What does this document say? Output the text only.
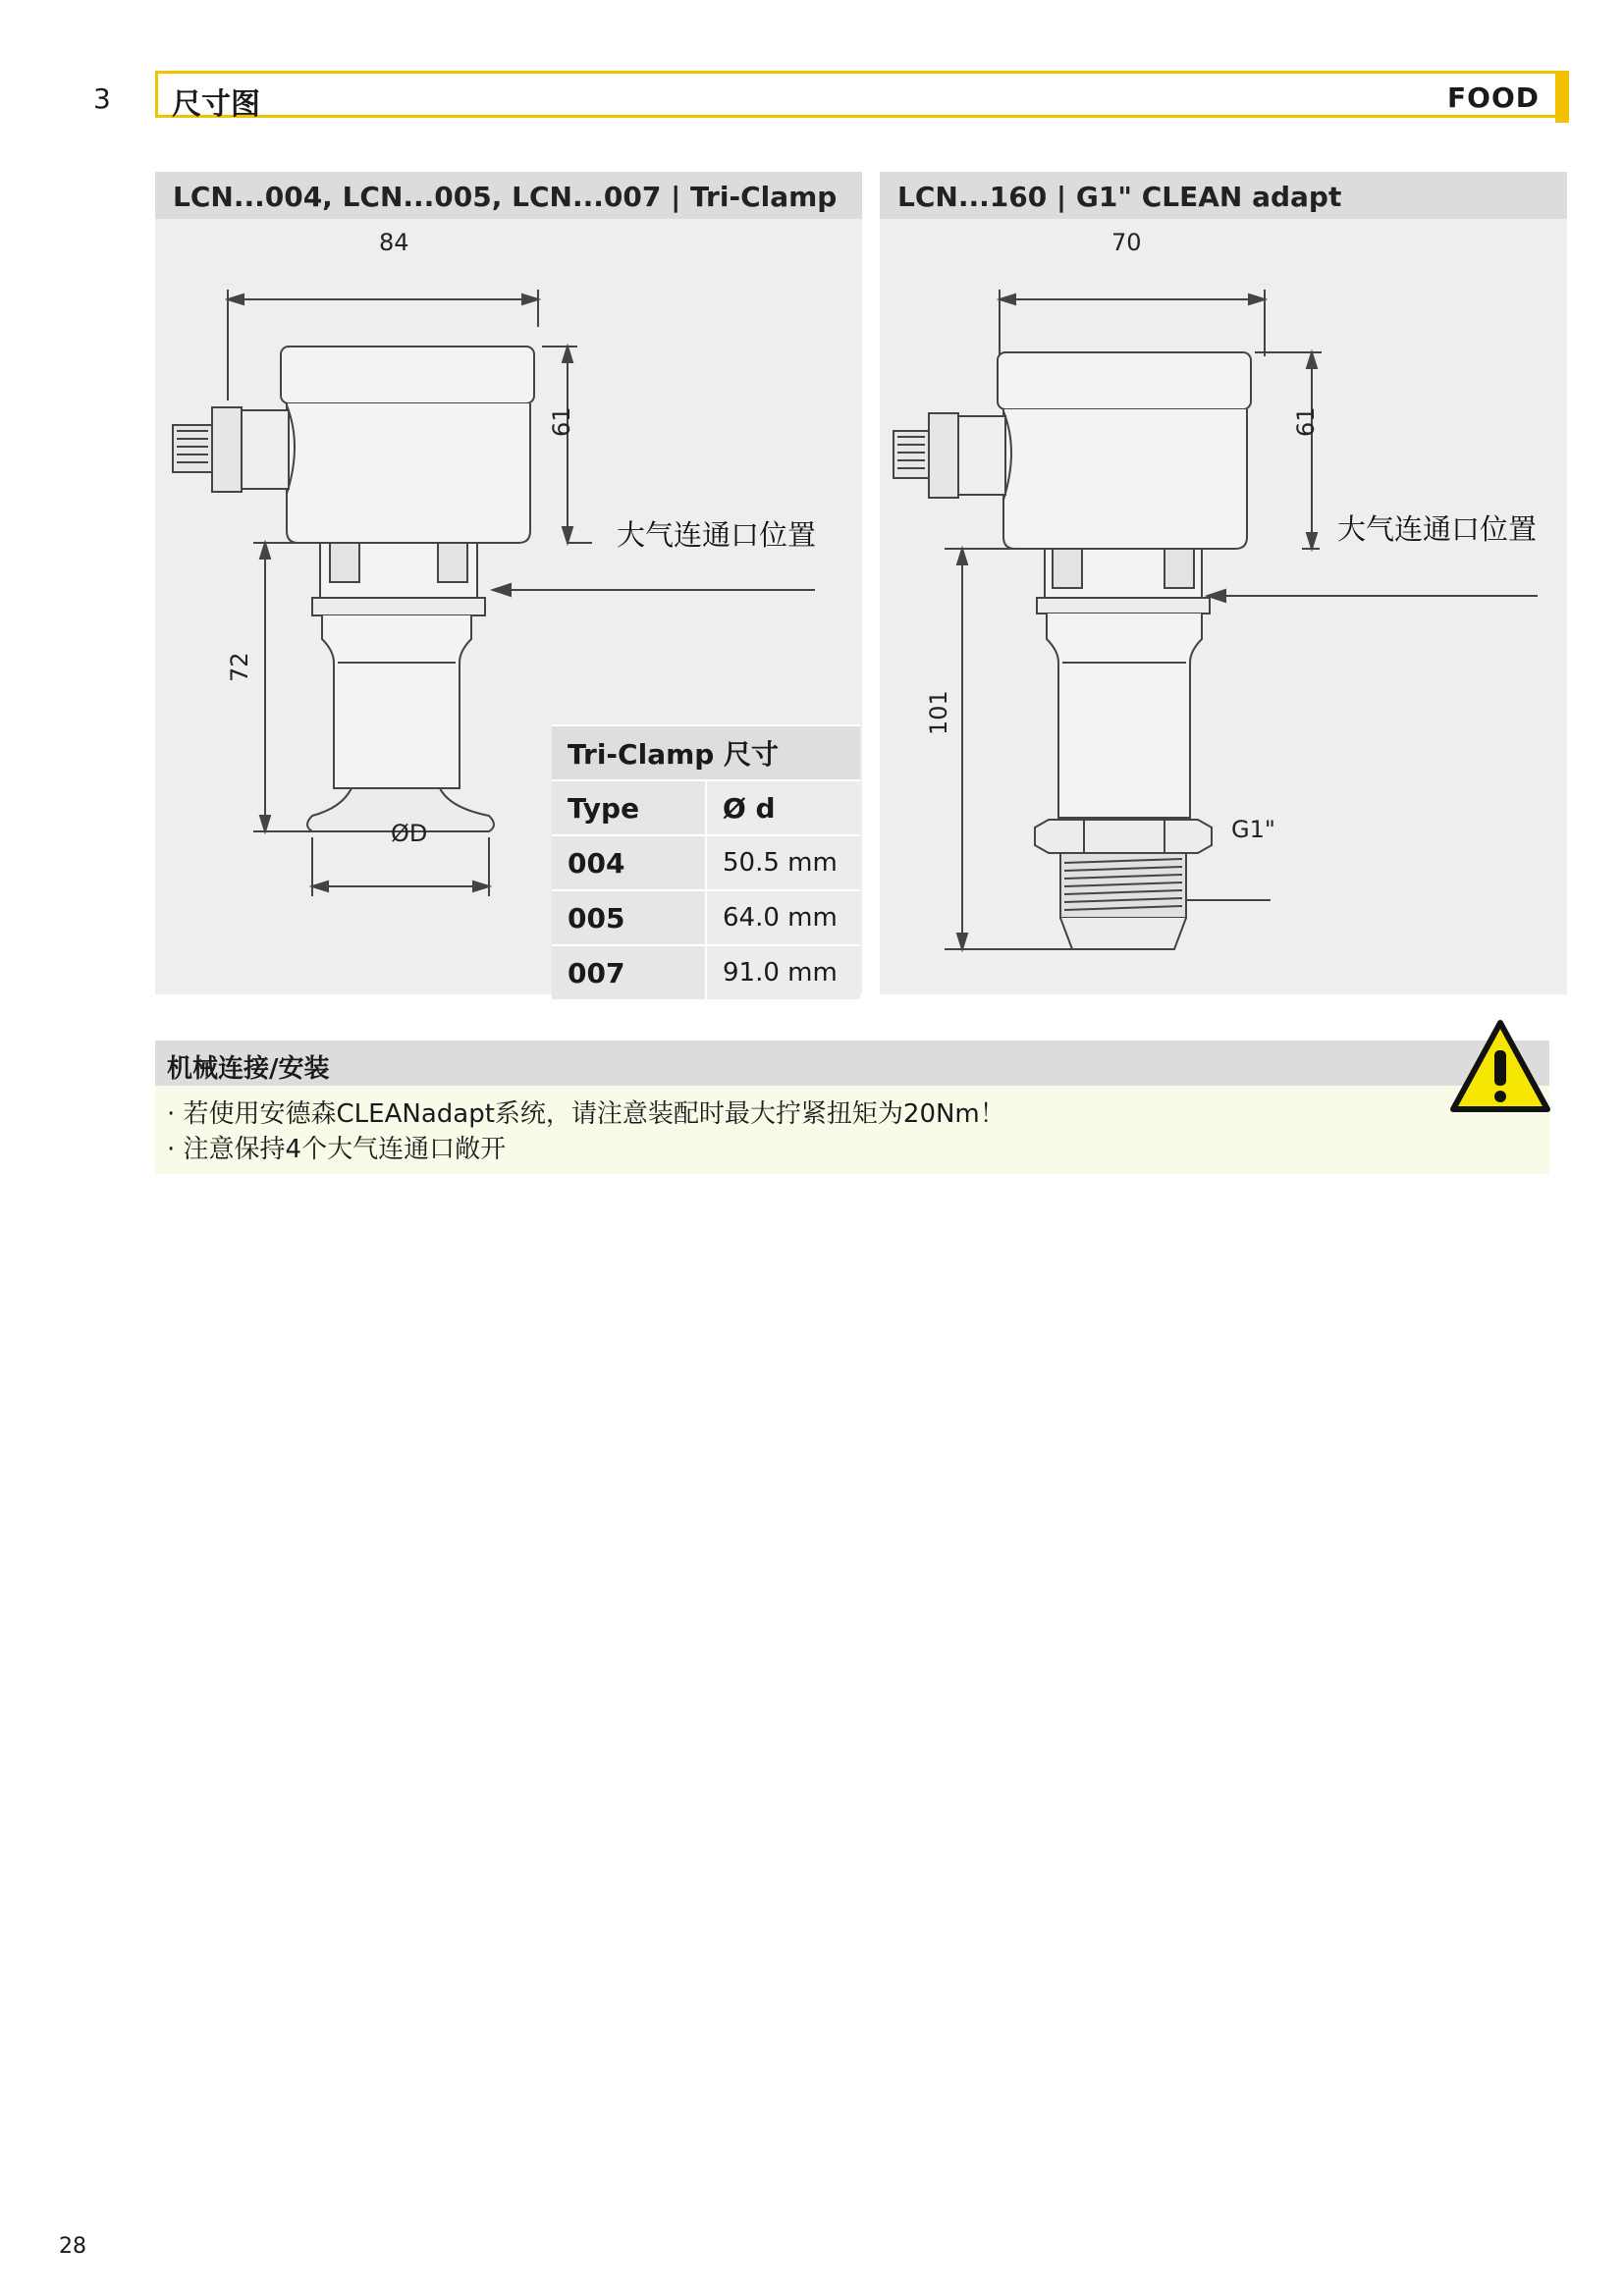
3 尺寸图	FOOD
LCN...004, LCN...005, LCN...007 | Tri-Clamp
84
61
72
ØD
大气连通口位置
Tri-Clamp 尺寸	
Type	Ø d
004	50.5 mm
005	64.0 mm
007	91.0 mm
LCN...160 | G1" CLEAN adapt
70
61
101
G1"
大气连通口位置
机械连接/安装
· 若使用安德森CLEANadapt系统，请注意装配时最大拧紧扭矩为20Nm！
· 注意保持4个大气连通口敞开
28
